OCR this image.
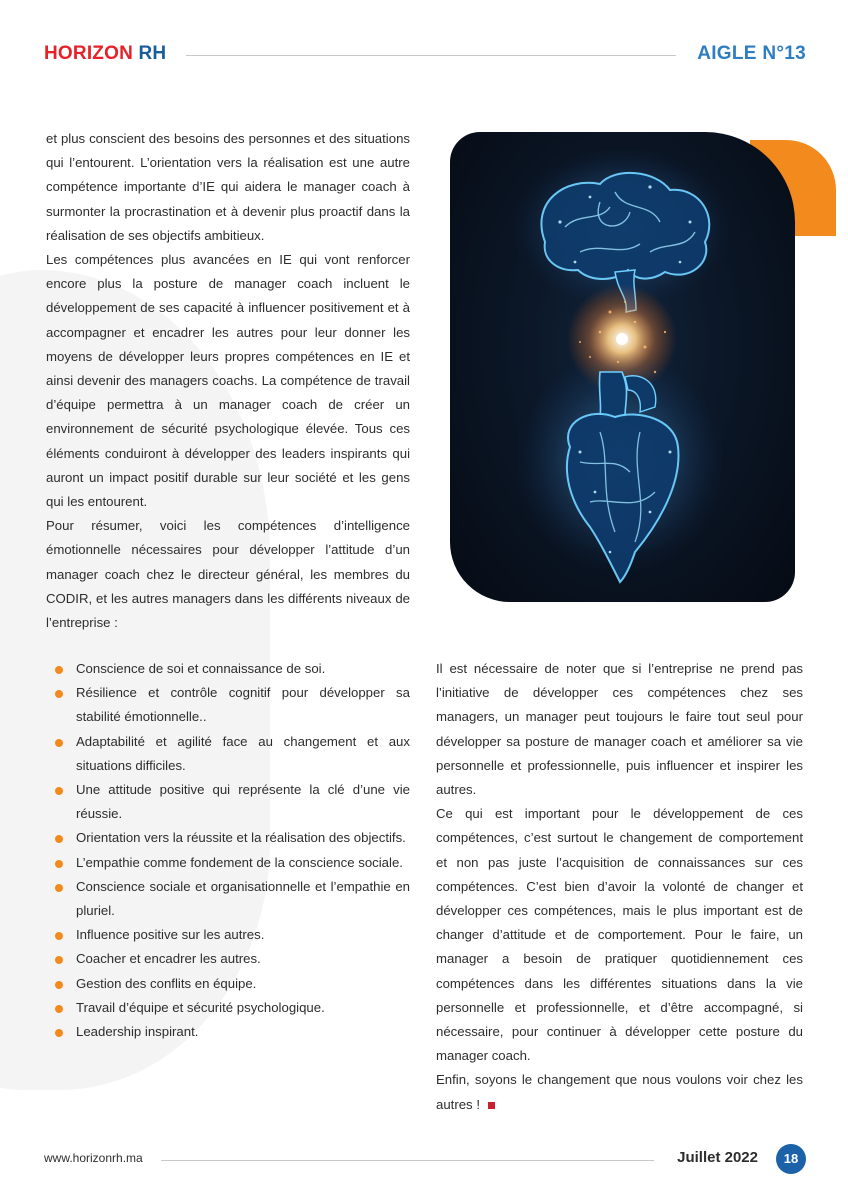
HORIZON RH	AIGLE N°13

et plus conscient des besoins des personnes et des situations qui l’entourent. L’orientation vers la réalisation est une autre compétence importante d’IE qui aidera le manager coach à surmonter la procrastination et à devenir plus proactif dans la réalisation de ses objectifs ambitieux.

Les compétences plus avancées en IE qui vont renforcer encore plus la posture de manager coach incluent le développement de ses capacité à influencer positivement et à accompagner et encadrer les autres pour leur donner les moyens de développer leurs propres compétences en IE et ainsi devenir des managers coachs. La compétence de travail d’équipe permettra à un manager coach de créer un environnement de sécurité psychologique élevée. Tous ces éléments conduiront à développer des leaders inspirants qui auront un impact positif durable sur leur société et les gens qui les entourent.

Pour résumer, voici les compétences d’intelligence émotionnelle nécessaires pour développer l’attitude d’un manager coach chez le directeur général, les membres du CODIR, et les autres managers dans les différents niveaux de l’entreprise :

Conscience de soi et connaissance de soi.
Résilience et contrôle cognitif pour développer sa stabilité émotionnelle..
Adaptabilité et agilité face au changement et aux situations difficiles.
Une attitude positive qui représente la clé d’une vie réussie.
Orientation vers la réussite et la réalisation des objectifs.
L’empathie comme fondement de la conscience sociale.
Conscience sociale et organisationnelle et l’empathie en pluriel.
Influence positive sur les autres.
Coacher et encadrer les autres.
Gestion des conflits en équipe.
Travail d’équipe et sécurité psychologique.
Leadership inspirant.

Il est nécessaire de noter que si l’entreprise ne prend pas l’initiative de développer ces compétences chez ses managers, un manager peut toujours le faire tout seul pour développer sa posture de manager coach et améliorer sa vie personnelle et professionnelle, puis influencer et inspirer les autres.

Ce qui est important pour le développement de ces compétences, c’est surtout le changement de comportement et non pas juste l’acquisition de connaissances sur ces compétences. C’est bien d’avoir la volonté de changer et développer ces compétences, mais le plus important est de changer d’attitude et de comportement. Pour le faire, un manager a besoin de pratiquer quotidiennement ces compétences dans les différentes situations dans la vie personnelle et professionnelle, et d’être accompagné, si nécessaire, pour continuer à développer cette posture du manager coach.

Enfin, soyons le changement que nous voulons voir chez les autres !

www.horizonrh.ma	Juillet 2022	18
